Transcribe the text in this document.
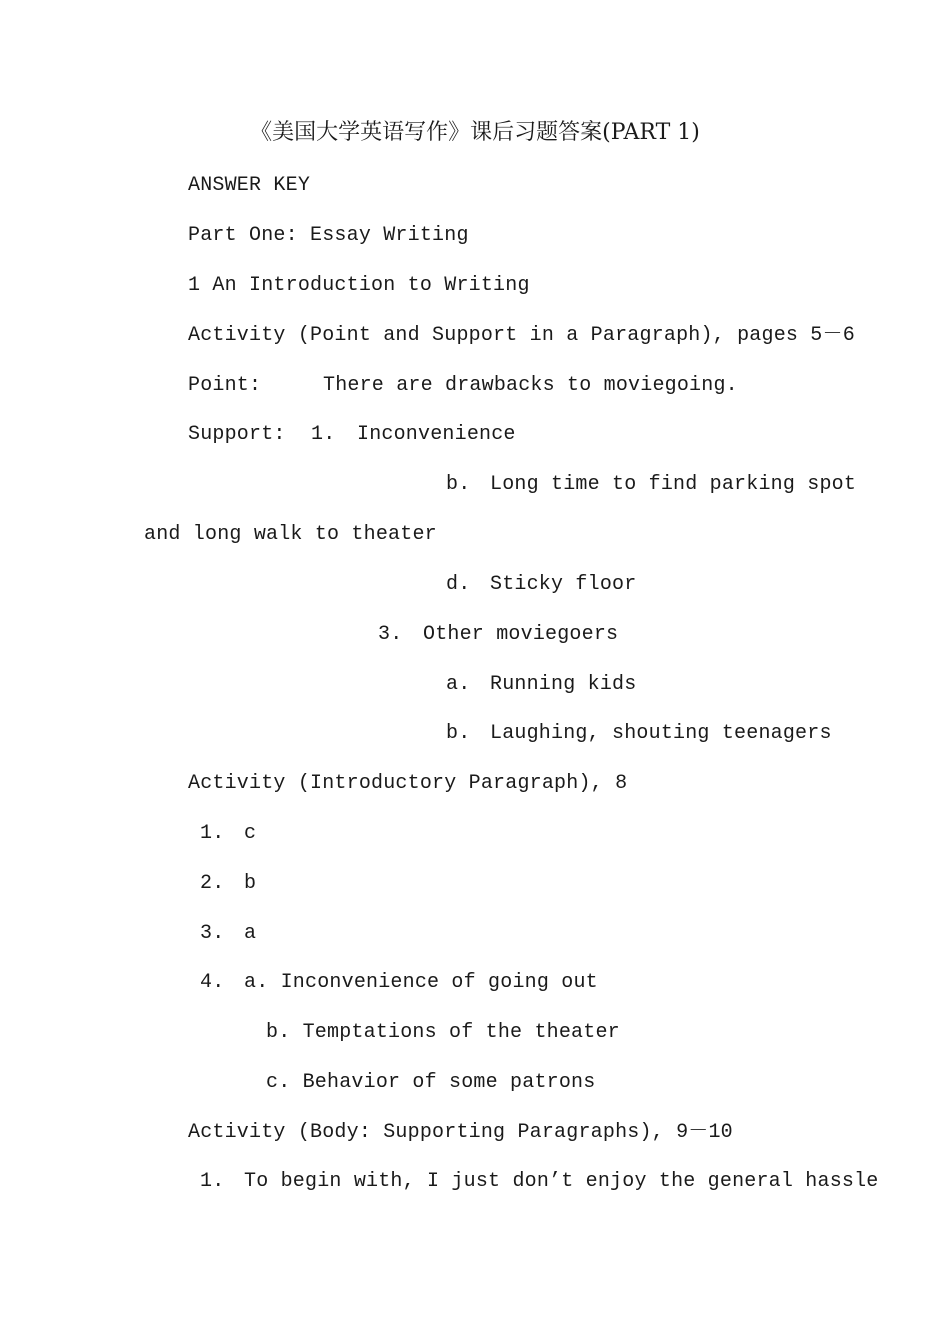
《美国大学英语写作》课后习题答案(PART 1)
ANSWER KEY
Part One: Essay Writing
1 An Introduction to Writing
Activity (Point and Support in a Paragraph), pages 5－6
Point:	There are drawbacks to moviegoing.
Support: 1. Inconvenience
b. Long time to find parking spot
and long walk to theater
d. Sticky floor
3. Other moviegoers
a. Running kids
b. Laughing, shouting teenagers
Activity (Introductory Paragraph), 8
1. c
2. b
3. a
4. a. Inconvenience of going out
b. Temptations of the theater
c. Behavior of some patrons
Activity (Body: Supporting Paragraphs), 9－10
1. To begin with, I just don’t enjoy the general hassle
